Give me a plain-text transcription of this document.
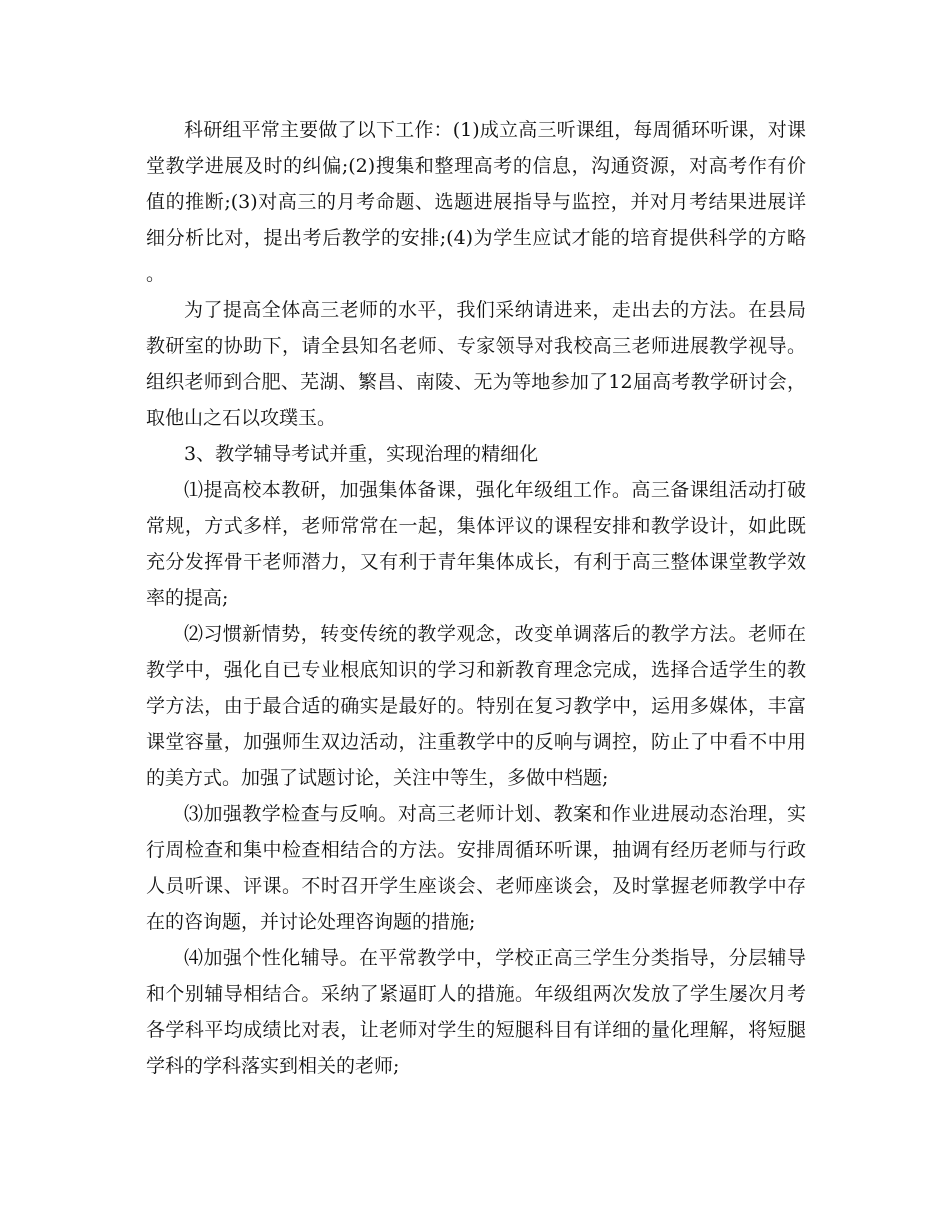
科研组平常主要做了以下工作：(1)成立高三听课组，每周循环听课，对课堂教学进展及时的纠偏;(2)搜集和整理高考的信息，沟通资源，对高考作有价值的推断;(3)对高三的月考命题、选题进展指导与监控，并对月考结果进展详细分析比对，提出考后教学的安排;(4)为学生应试才能的培育提供科学的方略。

为了提高全体高三老师的水平，我们采纳请进来，走出去的方法。在县局教研室的协助下，请全县知名老师、专家领导对我校高三老师进展教学视导。组织老师到合肥、芜湖、繁昌、南陵、无为等地参加了12届高考教学研讨会，取他山之石以攻璞玉。

3、教学辅导考试并重，实现治理的精细化

⑴提高校本教研，加强集体备课，强化年级组工作。高三备课组活动打破常规，方式多样，老师常常在一起，集体评议的课程安排和教学设计，如此既充分发挥骨干老师潜力，又有利于青年集体成长，有利于高三整体课堂教学效率的提高;

⑵习惯新情势，转变传统的教学观念，改变单调落后的教学方法。老师在教学中，强化自已专业根底知识的学习和新教育理念完成，选择合适学生的教学方法，由于最合适的确实是最好的。特别在复习教学中，运用多媒体，丰富课堂容量，加强师生双边活动，注重教学中的反响与调控，防止了中看不中用的美方式。加强了试题讨论，关注中等生，多做中档题;

⑶加强教学检查与反响。对高三老师计划、教案和作业进展动态治理，实行周检查和集中检查相结合的方法。安排周循环听课，抽调有经历老师与行政人员听课、评课。不时召开学生座谈会、老师座谈会，及时掌握老师教学中存在的咨询题，并讨论处理咨询题的措施;

⑷加强个性化辅导。在平常教学中，学校正高三学生分类指导，分层辅导和个别辅导相结合。采纳了紧逼盯人的措施。年级组两次发放了学生屡次月考各学科平均成绩比对表，让老师对学生的短腿科目有详细的量化理解，将短腿学科的学科落实到相关的老师;
